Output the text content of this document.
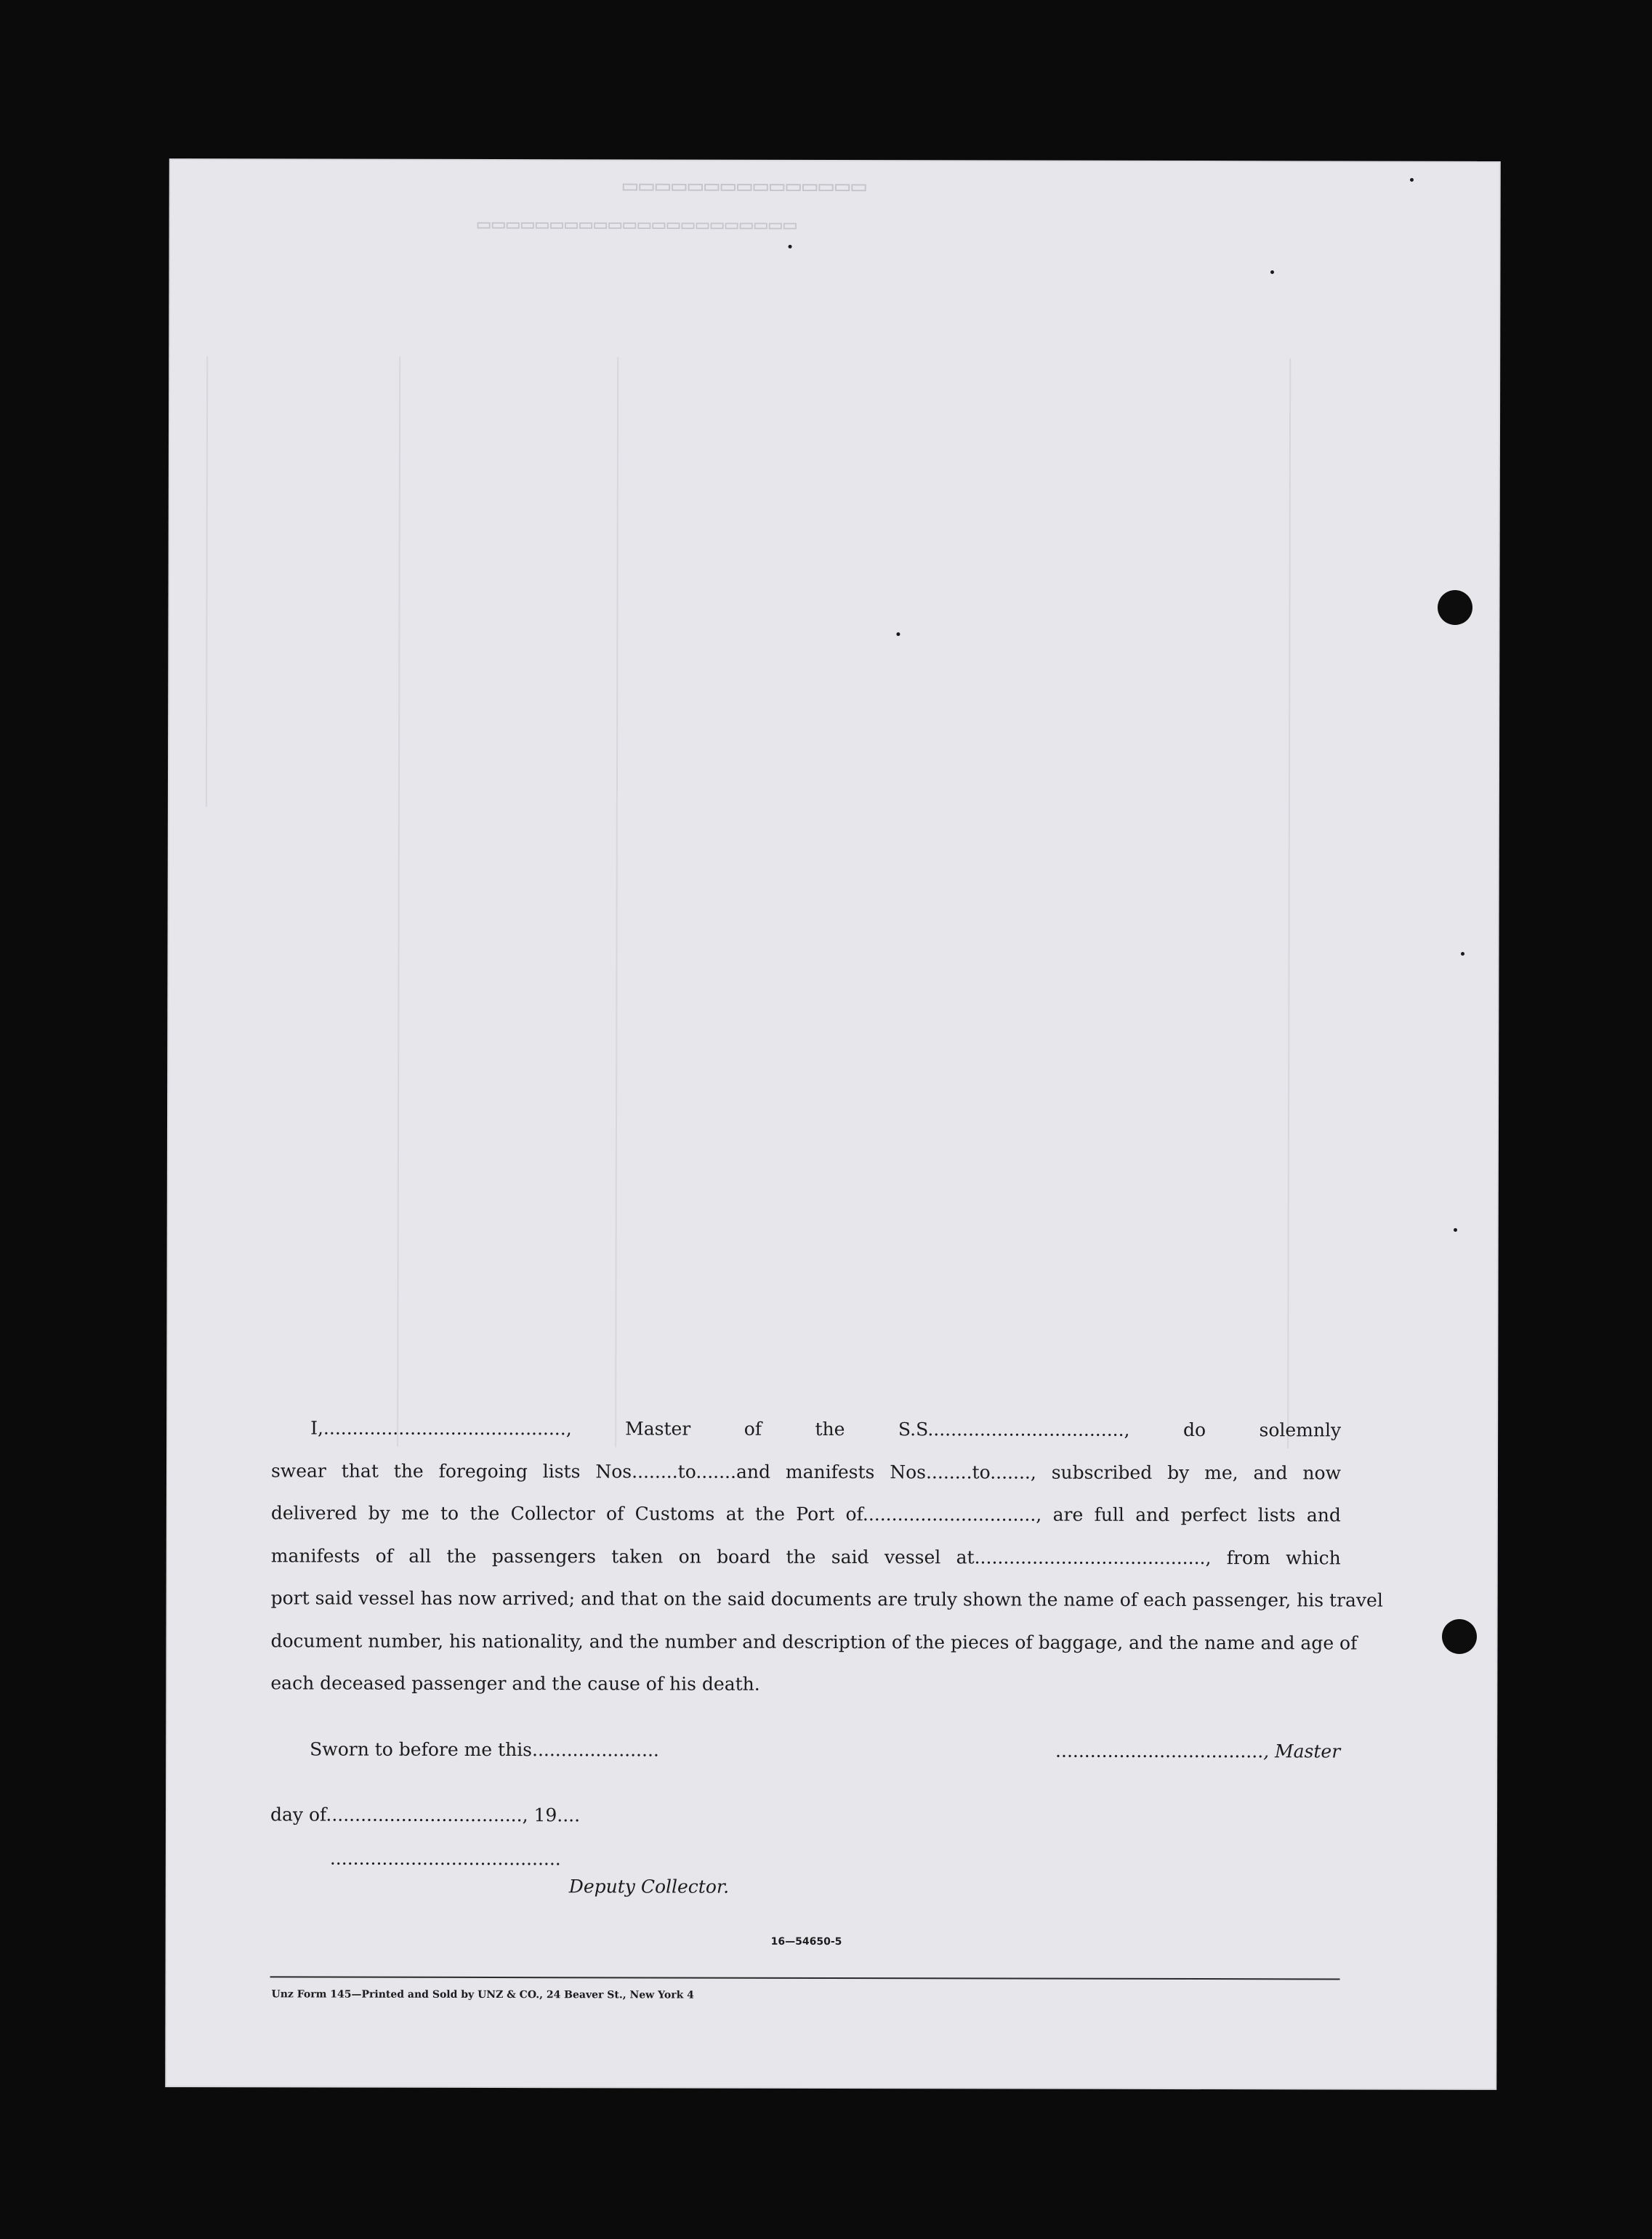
▭▭▭▭▭▭▭▭▭▭▭▭▭▭▭
▭▭▭▭▭▭▭▭▭▭▭▭▭▭▭▭▭▭▭▭▭▭

I,.........................................., Master of the S.S.................................., do solemnly

swear that the foregoing lists Nos........to.......and manifests Nos........to......., subscribed by me, and now

delivered by me to the Collector of Customs at the Port of.............................., are full and perfect lists and

manifests of all the passengers taken on board the said vessel at........................................, from which

port said vessel has now arrived; and that on the said documents are truly shown the name of each passenger, his travel

document number, his nationality, and the number and description of the pieces of baggage, and the name and age of

each deceased passenger and the cause of his death.

Sworn to before me this......................	...................................., Master
day of.................................., 19....
........................................
Deputy Collector.
16—54650-5
Unz Form 145—Printed and Sold by UNZ & CO., 24 Beaver St., New York 4
